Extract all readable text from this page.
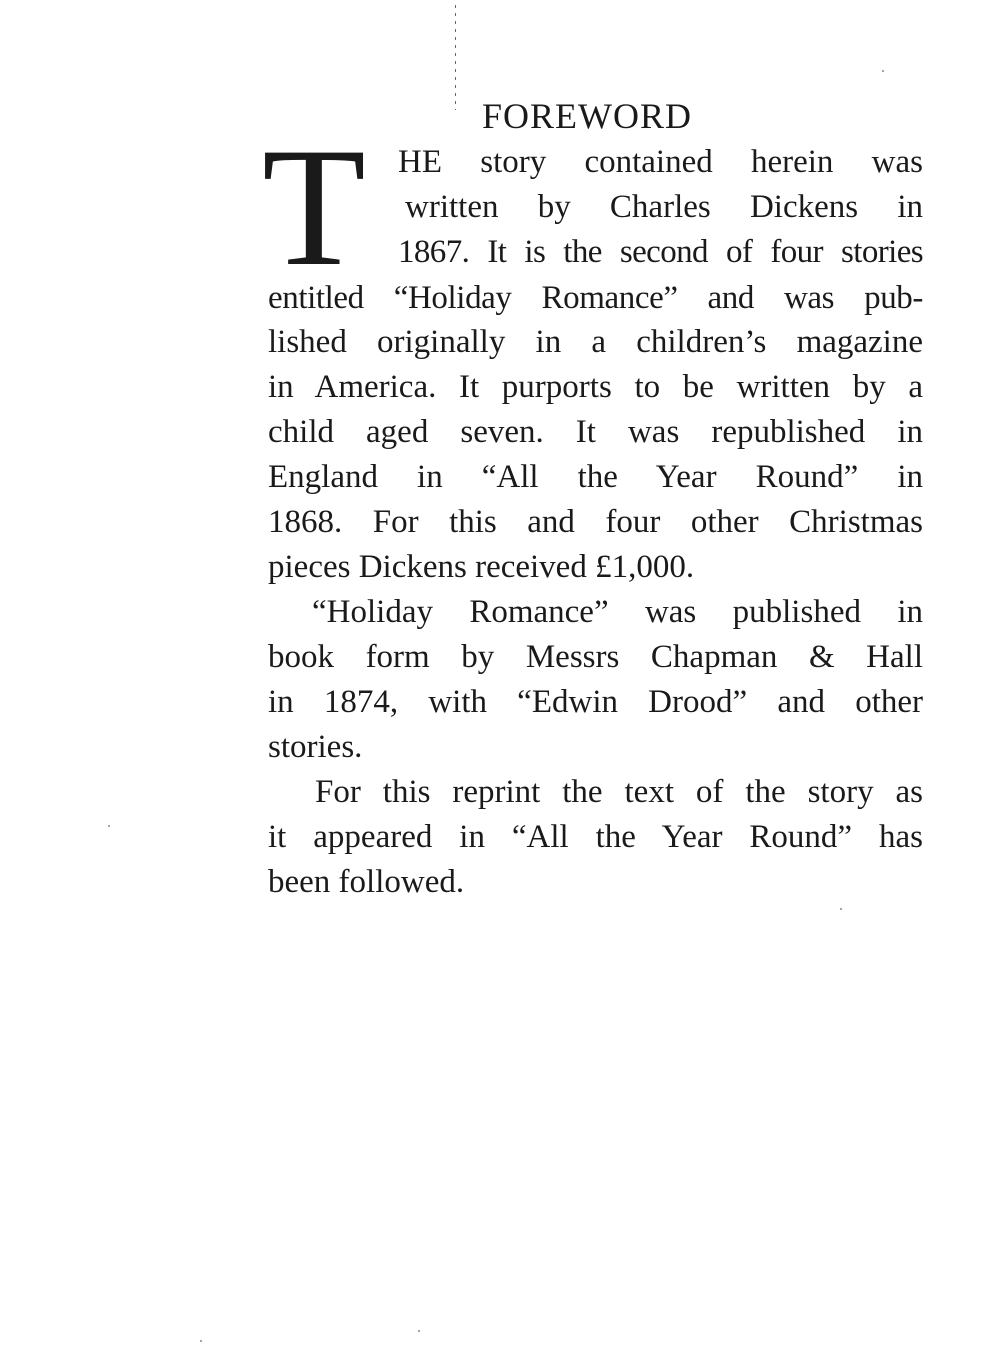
FOREWORD
T HE story contained herein was

written by Charles Dickens in

1867. It is the second of four stories

entitled “Holiday Romance” and was pub-

lished originally in a children’s magazine

in America. It purports to be written by a

child aged seven. It was republished in

England in “All the Year Round” in

1868. For this and four other Christmas

pieces Dickens received £1,000.

“Holiday Romance” was published in

book form by Messrs Chapman & Hall

in 1874, with “Edwin Drood” and other

stories.

For this reprint the text of the story as

it appeared in “All the Year Round” has

been followed.
